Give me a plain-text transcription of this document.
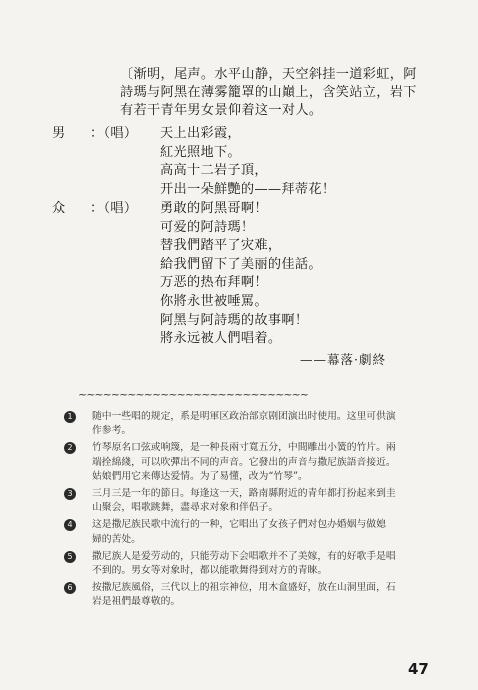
〔渐明，尾声。水平山静，天空斜挂一道彩虹，阿
詩瑪与阿黑在薄雾籠罩的山巔上，含笑站立，岩下
有若干青年男女景仰着这一对人。
男	：（唱） 天上出彩霞，
紅光照地下。
高高十二岩子頂，
开出一朵鮮艷的——拜蒂花！
众	：（唱） 勇敢的阿黑哥啊！
可爱的阿詩瑪！
替我們踏平了灾难，
給我們留下了美丽的佳話。
万恶的热布拜啊！
你將永世被唾罵。
阿黑与阿詩瑪的故事啊！
將永远被人們唱着。
——幕落·劇終
~~~~~~~~~~~~~~~~~~~~~~~~~~~~
1	随中一些唱的规定，系是明軍区政治部京剧团演出时使用。这里可供演
作参考。
2	竹琴原名口弦或响篾，是一种長兩寸寬五分，中間雕出小簧的竹片。兩
端拴綿綫，可以吹彈出不同的声音。它發出的声音与撒尼族語音接近。
姑娘們用它来傳达爱情。为了易懂，改为“竹琴”。
3	三月三是一年的節日。每逢这一天，路南縣附近的青年都打扮起来到圭
山聚会，唱歌跳舞，盡尋求对象和伴侣子。
4	这是撒尼族民歌中流行的一种，它唱出了女孩子們对包办婚姻与做媳
婦的苦处。
5	撒尼族人是爱劳动的，只能劳动下会唱歌并不了美嫁，有的好歌手是唱
不到的。男女等对象时，都以能歌舞得到对方的青睞。
6	按撒尼族風俗，三代以上的祖宗神位，用木盒盛好，放在山洞里面，石
岩是祖們最尊敬的。
47
